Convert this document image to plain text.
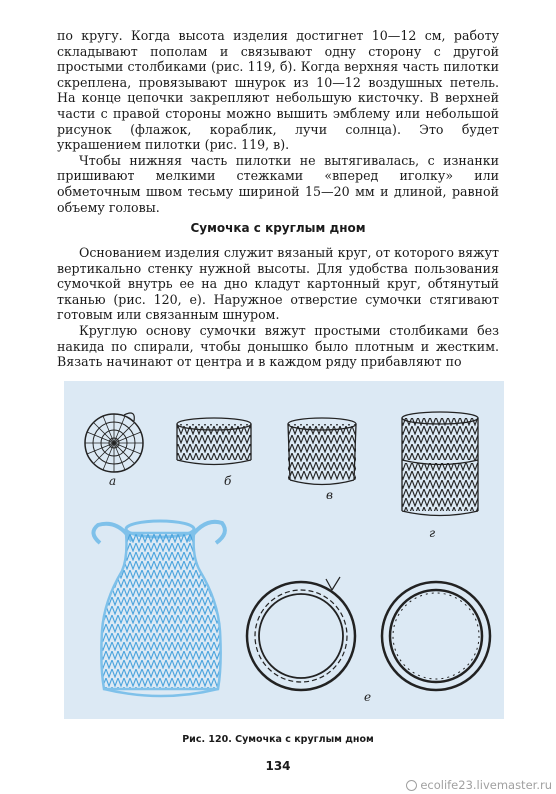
по кругу. Когда высота изделия достигнет 10—12 см, работу складывают пополам и связывают одну сторону с другой простыми столбиками (рис. 119, б). Когда верхняя часть пилотки скреплена, провязывают шнурок из 10—12 воздушных петель. На конце цепочки закрепляют небольшую кисточку. В верхней части с правой стороны можно вышить эмблему или небольшой рисунок (флажок, кораблик, лучи солнца). Это будет украшением пилотки (рис. 119, в).

Чтобы нижняя часть пилотки не вытягивалась, с изнанки пришивают мелкими стежками «вперед иголку» или обметочным швом тесьму шириной 15—20 мм и длиной, равной объему головы.

Сумочка с круглым дном

Основанием изделия служит вязаный круг, от которого вяжут вертикально стенку нужной высоты. Для удобства пользования сумочкой внутрь ее на дно кладут картонный круг, обтянутый тканью (рис. 120, е). Наружное отверстие сумочки стягивают готовым или связанным шнуром.

Круглую основу сумочки вяжут простыми столбиками без накида по спирали, чтобы донышко было плотным и жестким. Вязать начинают от центра и в каждом ряду прибавляют по

а	б
в
г
е
Рис. 120. Сумочка с круглым дном
134
ecolife23.livemaster.ru
